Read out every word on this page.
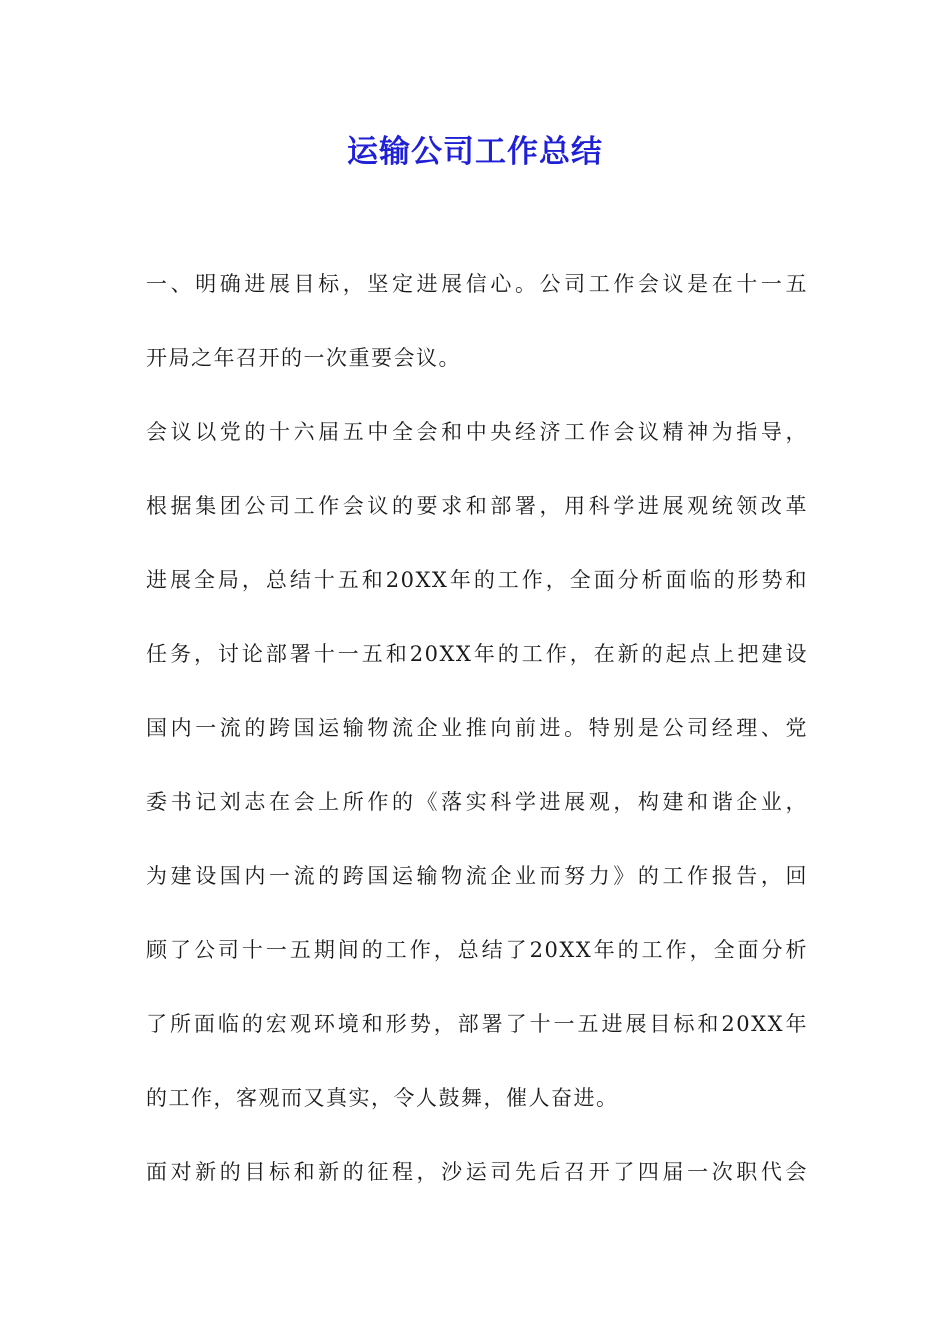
运输公司工作总结
一、明确进展目标，坚定进展信心。公司工作会议是在十一五
开局之年召开的一次重要会议。
会议以党的十六届五中全会和中央经济工作会议精神为指导，
根据集团公司工作会议的要求和部署，用科学进展观统领改革
进展全局，总结十五和20XX年的工作，全面分析面临的形势和
任务，讨论部署十一五和20XX年的工作，在新的起点上把建设
国内一流的跨国运输物流企业推向前进。特别是公司经理、党
委书记刘志在会上所作的《落实科学进展观，构建和谐企业，
为建设国内一流的跨国运输物流企业而努力》的工作报告，回
顾了公司十一五期间的工作，总结了20XX年的工作，全面分析
了所面临的宏观环境和形势，部署了十一五进展目标和20XX年
的工作，客观而又真实，令人鼓舞，催人奋进。
面对新的目标和新的征程，沙运司先后召开了四届一次职代会
